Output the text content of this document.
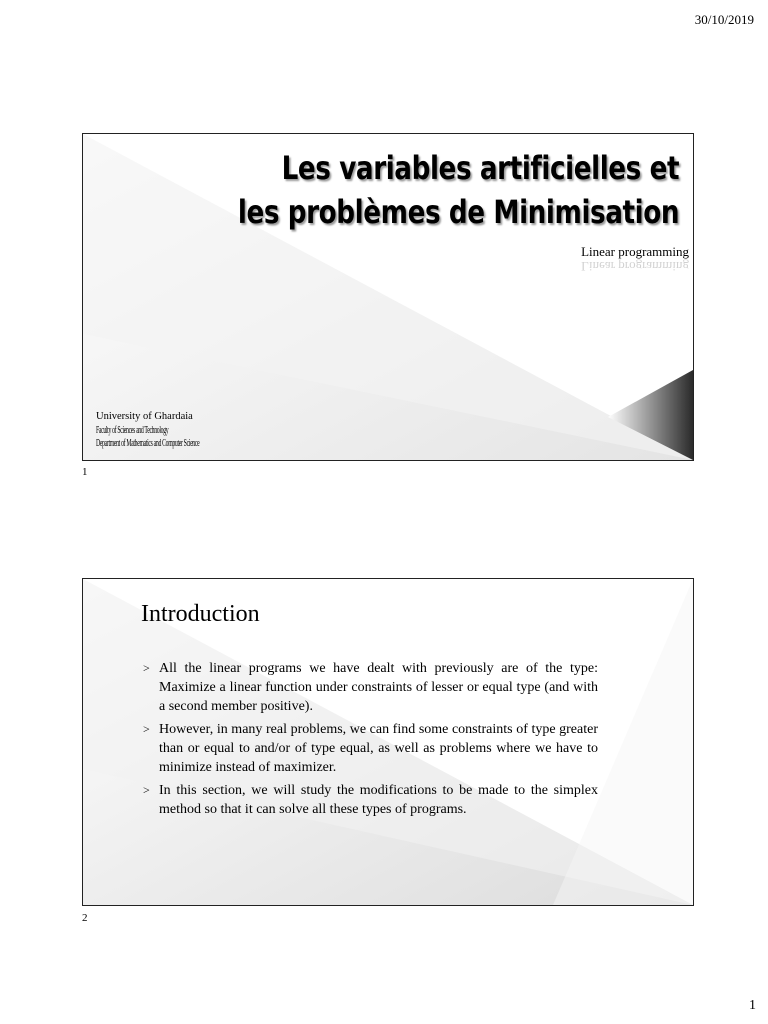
30/10/2019
Les variables artificielles et
les problèmes de Minimisation
Linear programming
Linear programming
University of Ghardaia
Faculty of Sciences and Technology
Department of Mathematics and Computer Science
1
Introduction
> All the linear programs we have dealt with previously are of the type: Maximize a linear function under constraints of lesser or equal type (and with a second member positive).
> However, in many real problems, we can find some constraints of type greater than or equal to and/or of type equal, as well as problems where we have to minimize instead of maximizer.
> In this section, we will study the modifications to be made to the simplex method so that it can solve all these types of programs.
2
1
